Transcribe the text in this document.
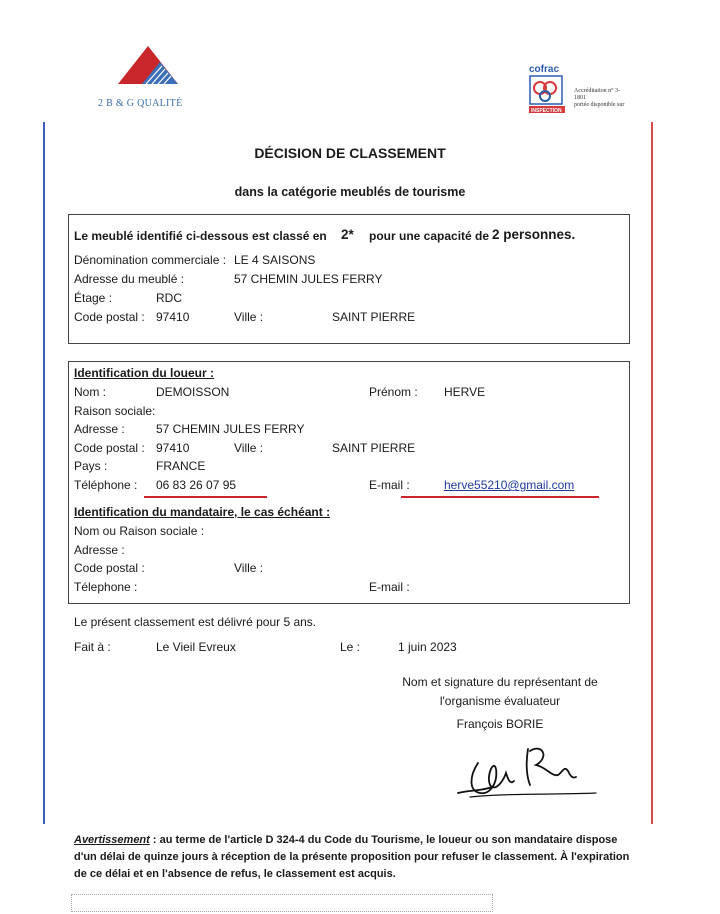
2 B & G QUALITÉ
cofrac
INSPECTION
Accréditation n° 3-
1801
portée disponible sur
DÉCISION DE CLASSEMENT
dans la catégorie meublés de tourisme
Le meublé identifié ci-dessous est classé en 2* pour une capacité de 2 personnes.
Dénomination commerciale : LE 4 SAISONS
Adresse du meublé :	57 CHEMIN JULES FERRY
Étage :	RDC
Code postal : 97410	Ville :	SAINT PIERRE
Identification du loueur :
Nom :	DEMOISSON	Prénom : HERVE
Raison sociale:
Adresse :	57 CHEMIN JULES FERRY
Code postal : 97410	Ville :	SAINT PIERRE
Pays :	FRANCE
Téléphone : 06 83 26 07 95	E-mail :	herve55210@gmail.com
Identification du mandataire, le cas échéant :
Nom ou Raison sociale :
Adresse :
Code postal :	Ville :
Télephone :	E-mail :
Le présent classement est délivré pour 5 ans.
Fait à :	Le Vieil Evreux	Le :	1 juin 2023
Nom et signature du représentant de
l'organisme évaluateur
François BORIE
Avertissement : au terme de l'article D 324-4 du Code du Tourisme, le loueur ou son mandataire dispose d'un délai de quinze jours à réception de la présente proposition pour refuser le classement. À l'expiration de ce délai et en l'absence de refus, le classement est acquis.
